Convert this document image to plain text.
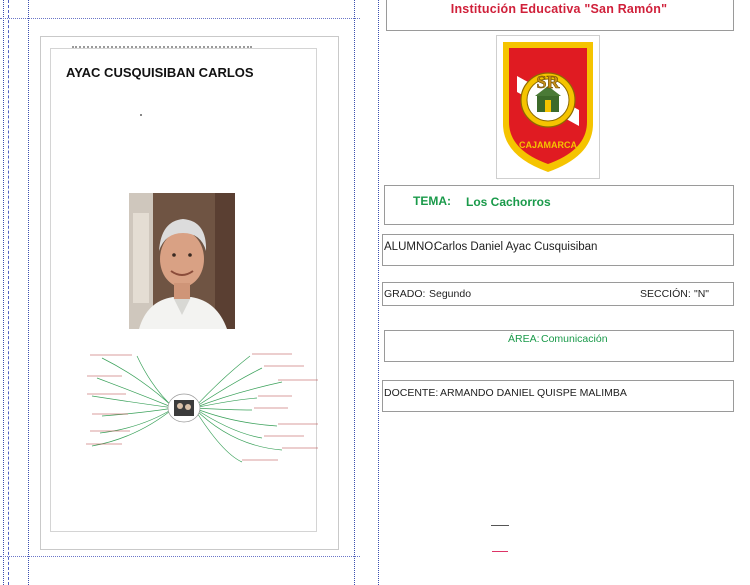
AYAC CUSQUISIBAN CARLOS
Institución Educativa "San Ramón"
SR
CAJAMARCA
TEMA: Los Cachorros
ALUMNO:
Carlos Daniel Ayac Cusquisiban
GRADO: Segundo	SECCIÓN: "N"
ÁREA: Comunicación
DOCENTE: ARMANDO DANIEL QUISPE MALIMBA
